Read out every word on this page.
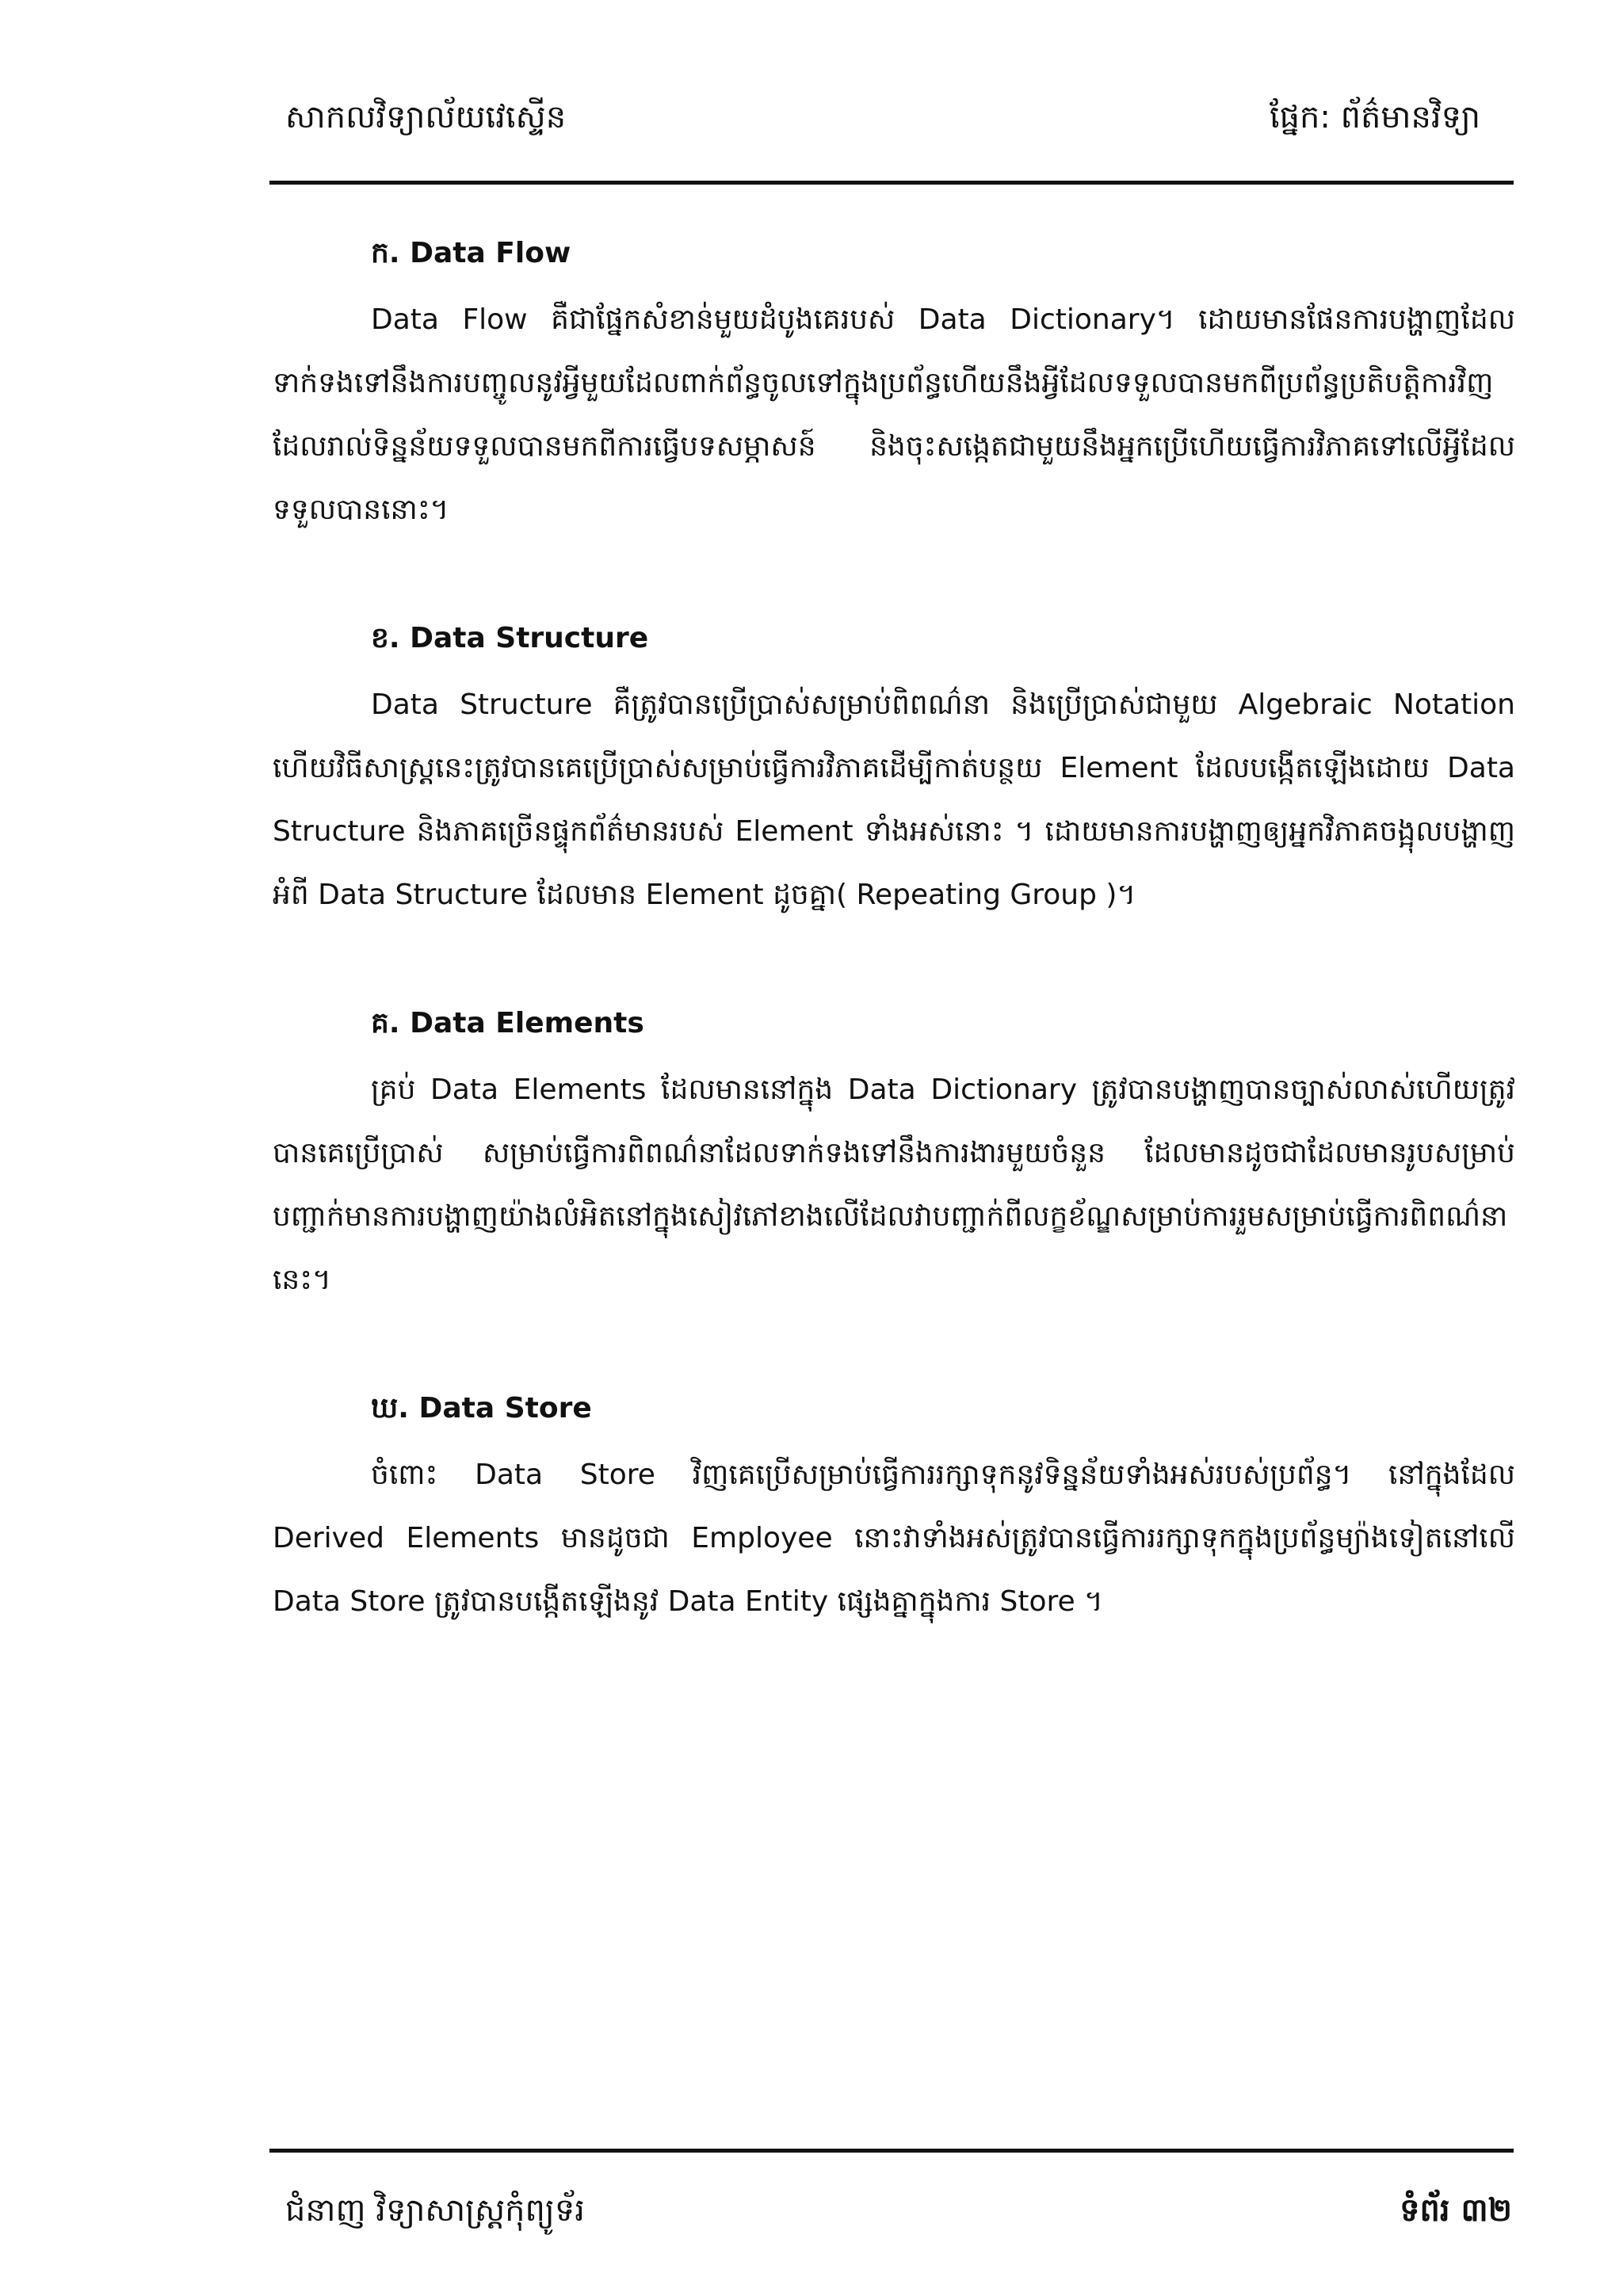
សាកលវិទ្យាល័យវេស្ទើន	ផ្នែក: ព័ត៌មានវិទ្យា
ក. Data Flow

Data Flow គឺជាផ្នែកសំខាន់មួយដំបូងគេរបស់ Data Dictionary។ ដោយមានផែនការបង្ហាញដែលទាក់ទងទៅនឹងការបញ្ចូលនូវអ្វីមួយដែលពាក់ព័ន្ធចូលទៅក្នុងប្រព័ន្ធហើយនឹងអ្វីដែលទទួលបានមកពីប្រព័ន្ធប្រតិបត្តិការវិញដែលរាល់ទិន្នន័យទទួលបានមកពីការធ្វើបទសម្ភាសន៍ និងចុះសង្កេតជាមួយនឹងអ្នកប្រើហើយធ្វើការវិភាគទៅលើអ្វីដែលទទួលបាននោះ។

ខ. Data Structure

Data Structure គឺត្រូវបានប្រើប្រាស់សម្រាប់ពិពណ៌នា និងប្រើប្រាស់ជាមួយ Algebraic Notation ហើយវិធីសាស្រ្តនេះត្រូវបានគេប្រើប្រាស់សម្រាប់ធ្វើការវិភាគដើម្បីកាត់បន្ថយ Element ដែលបង្កើតឡើងដោយ Data Structure និងភាគច្រើនផ្ទុកព័ត៌មានរបស់ Element ទាំងអស់នោះ ។ ដោយមានការបង្ហាញឲ្យអ្នកវិភាគចង្អុលបង្ហាញអំពី Data Structure ដែលមាន Element ដូចគ្នា( Repeating Group )។

គ. Data Elements

គ្រប់ Data Elements ដែលមាននៅក្នុង Data Dictionary ត្រូវបានបង្ហាញបានច្បាស់លាស់ហើយត្រូវបានគេប្រើប្រាស់ សម្រាប់ធ្វើការពិពណ៌នាដែលទាក់ទងទៅនឹងការងារមួយចំនួន ដែលមានដូចជាដែលមានរូបសម្រាប់បញ្ជាក់មានការបង្ហាញយ៉ាងលំអិតនៅក្នុងសៀវភៅខាងលើដែលវាបញ្ជាក់ពីលក្ខខ័ណ្ឌសម្រាប់ការរួមសម្រាប់ធ្វើការពិពណ៌នានេះ។

ឃ. Data Store

ចំពោះ Data Store វិញគេប្រើសម្រាប់ធ្វើការរក្សាទុកនូវទិន្នន័យទាំងអស់របស់ប្រព័ន្ធ។ នៅក្នុងដែល Derived Elements មានដូចជា Employee នោះវាទាំងអស់ត្រូវបានធ្វើការរក្សាទុកក្នុងប្រព័ន្ធម្យ៉ាងទៀតនៅលើ Data Store ត្រូវបានបង្កើតឡើងនូវ Data Entity ផ្សេងគ្នាក្នុងការ Store ។

ជំនាញ វិទ្យាសាស្ត្រកុំព្យូទ័រ	ទំព័រ ៣២
